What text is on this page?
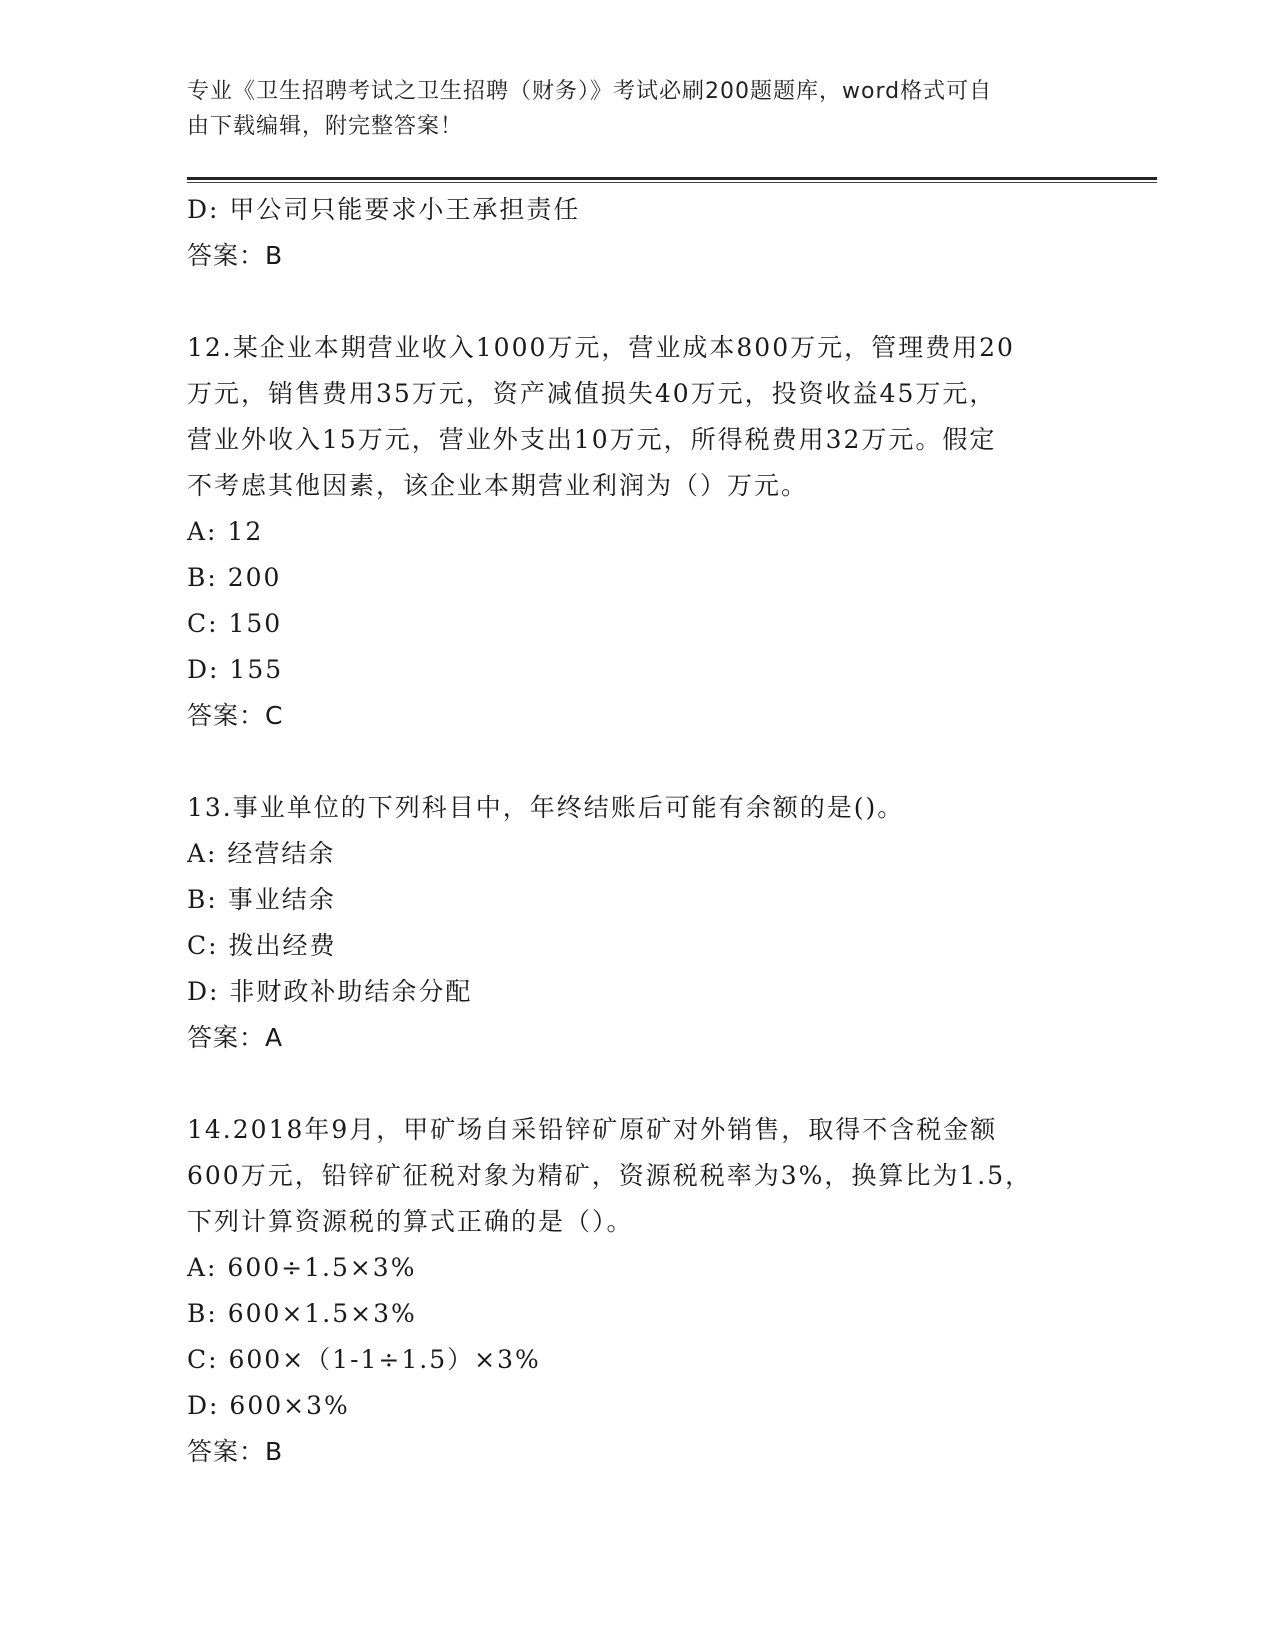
专业《卫生招聘考试之卫生招聘（财务）》考试必刷200题题库，word格式可自
由下载编辑，附完整答案！
D: 甲公司只能要求小王承担责任
答案：B
12.某企业本期营业收入1000万元，营业成本800万元，管理费用20
万元，销售费用35万元，资产减值损失40万元，投资收益45万元，
营业外收入15万元，营业外支出10万元，所得税费用32万元。假定
不考虑其他因素，该企业本期营业利润为（）万元。
A: 12
B: 200
C: 150
D: 155
答案：C
13.事业单位的下列科目中，年终结账后可能有余额的是()。
A: 经营结余
B: 事业结余
C: 拨出经费
D: 非财政补助结余分配
答案：A
14.2018年9月，甲矿场自采铅锌矿原矿对外销售，取得不含税金额
600万元，铅锌矿征税对象为精矿，资源税税率为3%，换算比为1.5，
下列计算资源税的算式正确的是（）。
A: 600÷1.5×3%
B: 600×1.5×3%
C: 600×（1-1÷1.5）×3%
D: 600×3%
答案：B
